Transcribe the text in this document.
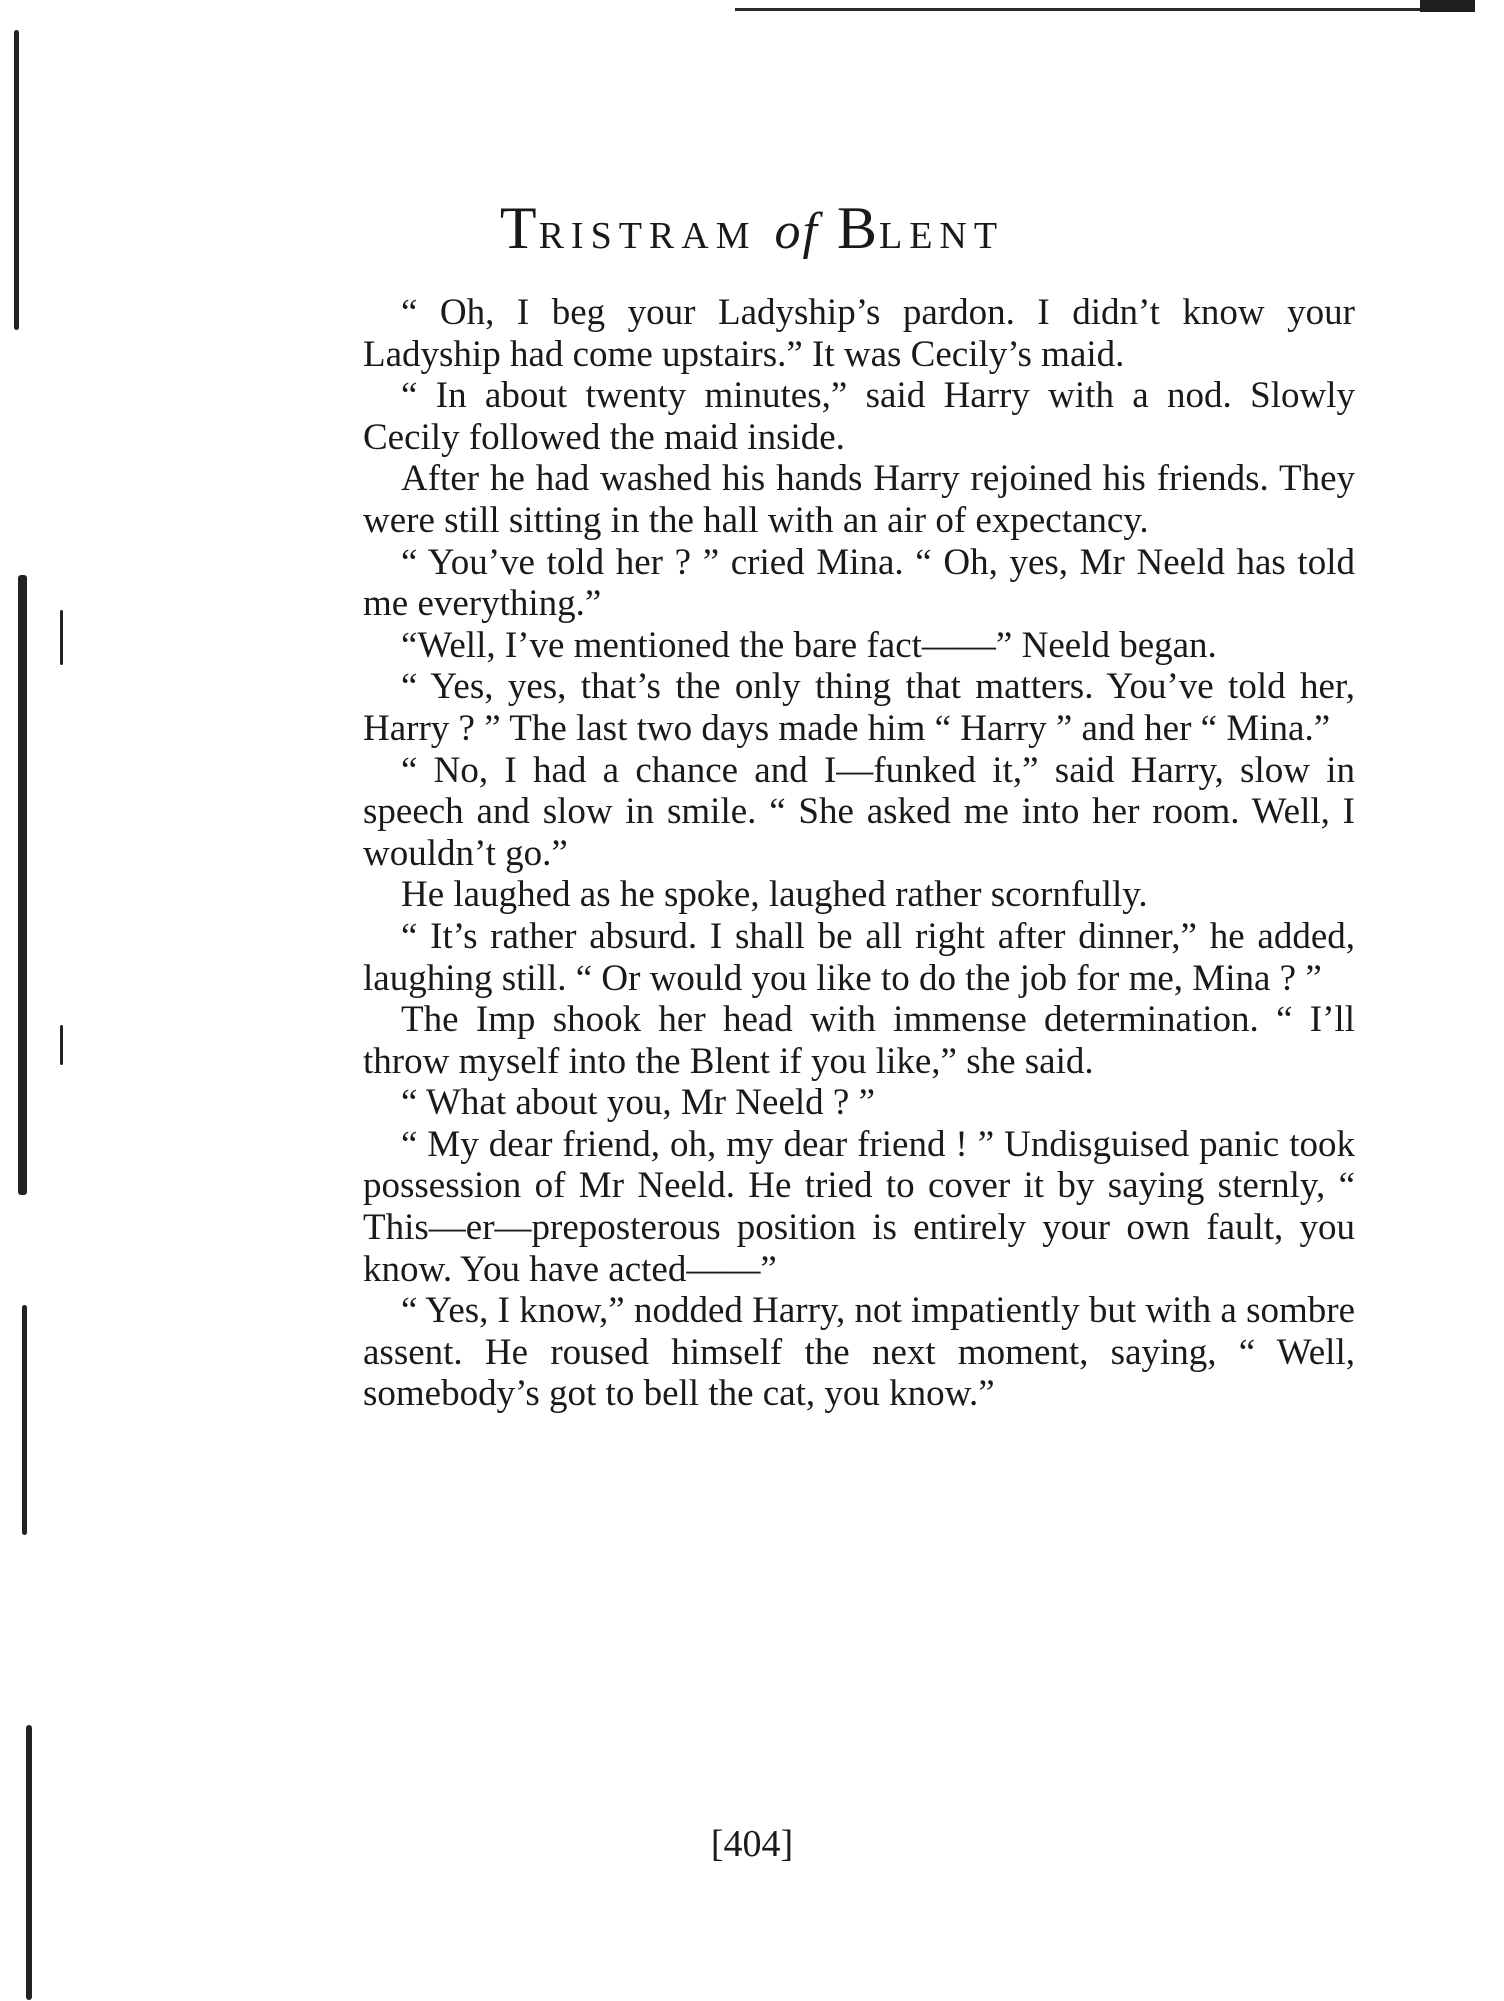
TRISTRAM of BLENT

“ Oh, I beg your Ladyship’s pardon. I didn’t know your Ladyship had come upstairs.” It was Cecily’s maid.

“ In about twenty minutes,” said Harry with a nod. Slowly Cecily followed the maid inside.

After he had washed his hands Harry rejoined his friends. They were still sitting in the hall with an air of expectancy.

“ You’ve told her ? ” cried Mina. “ Oh, yes, Mr Neeld has told me everything.”

“Well, I’ve mentioned the bare fact——” Neeld began.

“ Yes, yes, that’s the only thing that matters. You’ve told her, Harry ? ” The last two days made him “ Harry ” and her “ Mina.”

“ No, I had a chance and I—funked it,” said Harry, slow in speech and slow in smile. “ She asked me into her room. Well, I wouldn’t go.”

He laughed as he spoke, laughed rather scornfully.

“ It’s rather absurd. I shall be all right after dinner,” he added, laughing still. “ Or would you like to do the job for me, Mina ? ”

The Imp shook her head with immense determination. “ I’ll throw myself into the Blent if you like,” she said.

“ What about you, Mr Neeld ? ”

“ My dear friend, oh, my dear friend ! ” Undisguised panic took possession of Mr Neeld. He tried to cover it by saying sternly, “ This—er—preposterous position is entirely your own fault, you know. You have acted——”

“ Yes, I know,” nodded Harry, not impatiently but with a sombre assent. He roused himself the next moment, saying, “ Well, somebody’s got to bell the cat, you know.”

[404]
